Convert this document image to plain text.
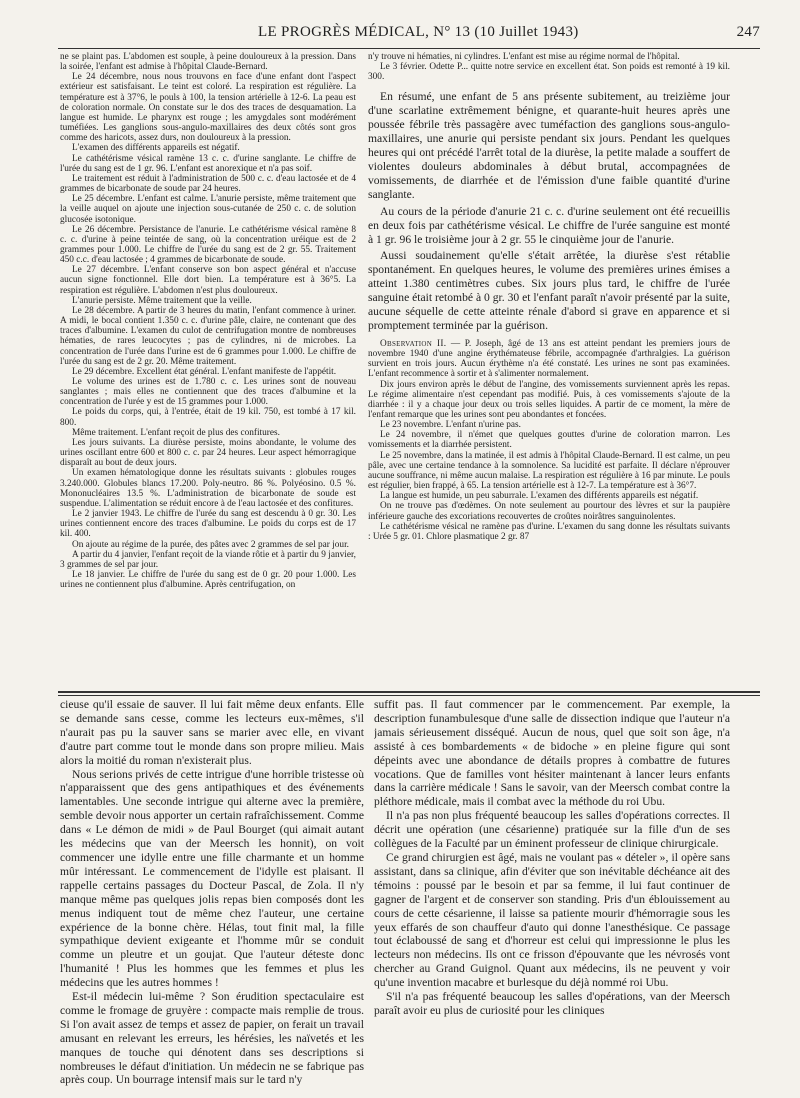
LE PROGRÈS MÉDICAL, N° 13 (10 Juillet 1943)	247

ne se plaint pas. L'abdomen est souple, à peine douloureux à la pression. Dans la soirée, l'enfant est admise à l'hôpital Claude-Bernard.

Le 24 décembre, nous nous trouvons en face d'une enfant dont l'aspect extérieur est satisfaisant. Le teint est coloré. La respiration est régulière. La température est à 37°6, le pouls à 100, la tension artérielle à 12-6. La peau est de coloration normale. On constate sur le dos des traces de desquamation. La langue est humide. Le pharynx est rouge ; les amygdales sont modérément tuméfiées. Les ganglions sous-angulo-maxillaires des deux côtés sont gros comme des haricots, assez durs, non douloureux à la pression.

L'examen des différents appareils est négatif.

Le cathétérisme vésical ramène 13 c. c. d'urine sanglante. Le chiffre de l'urée du sang est de 1 gr. 96. L'enfant est anorexique et n'a pas soif.

Le traitement est réduit à l'administration de 500 c. c. d'eau lactosée et de 4 grammes de bicarbonate de soude par 24 heures.

Le 25 décembre. L'enfant est calme. L'anurie persiste, même traitement que la veille auquel on ajoute une injection sous-cutanée de 250 c. c. de solution glucosée isotonique.

Le 26 décembre. Persistance de l'anurie. Le cathétérisme vésical ramène 8 c. c. d'urine à peine teintée de sang, où la concentration uréique est de 2 grammes pour 1.000. Le chiffre de l'urée du sang est de 2 gr. 55. Traitement 450 c.c. d'eau lactosée ; 4 grammes de bicarbonate de soude.

Le 27 décembre. L'enfant conserve son bon aspect général et n'accuse aucun signe fonctionnel. Elle dort bien. La température est à 36°5. La respiration est régulière. L'abdomen n'est plus douloureux.

L'anurie persiste. Même traitement que la veille.

Le 28 décembre. A partir de 3 heures du matin, l'enfant commence à uriner. A midi, le bocal contient 1.350 c. c. d'urine pâle, claire, ne contenant que des traces d'albumine. L'examen du culot de centrifugation montre de nombreuses hématies, de rares leucocytes ; pas de cylindres, ni de microbes. La concentration de l'urée dans l'urine est de 6 grammes pour 1.000. Le chiffre de l'urée du sang est de 2 gr. 20. Même traitement.

Le 29 décembre. Excellent état général. L'enfant manifeste de l'appétit.

Le volume des urines est de 1.780 c. c. Les urines sont de nouveau sanglantes ; mais elles ne contiennent que des traces d'albumine et la concentration de l'urée y est de 15 grammes pour 1.000.

Le poids du corps, qui, à l'entrée, était de 19 kil. 750, est tombé à 17 kil. 800.

Même traitement. L'enfant reçoit de plus des confitures.

Les jours suivants. La diurèse persiste, moins abondante, le volume des urines oscillant entre 600 et 800 c. c. par 24 heures. Leur aspect hémorragique disparaît au bout de deux jours.

Un examen hématologique donne les résultats suivants : globules rouges 3.240.000. Globules blancs 17.200. Poly-neutro. 86 %. Polyéosino. 0.5 %. Mononucléaires 13.5 %. L'administration de bicarbonate de soude est suspendue. L'alimentation se réduit encore à de l'eau lactosée et des confitures.

Le 2 janvier 1943. Le chiffre de l'urée du sang est descendu à 0 gr. 30. Les urines contiennent encore des traces d'albumine. Le poids du corps est de 17 kil. 400.

On ajoute au régime de la purée, des pâtes avec 2 grammes de sel par jour.

A partir du 4 janvier, l'enfant reçoit de la viande rôtie et à partir du 9 janvier, 3 grammes de sel par jour.

Le 18 janvier. Le chiffre de l'urée du sang est de 0 gr. 20 pour 1.000. Les urines ne contiennent plus d'albumine. Après centrifugation, on

n'y trouve ni hématies, ni cylindres. L'enfant est mise au régime normal de l'hôpital.

Le 3 février. Odette P... quitte notre service en excellent état. Son poids est remonté à 19 kil. 300.

En résumé, une enfant de 5 ans présente subitement, au treizième jour d'une scarlatine extrêmement bénigne, et quarante-huit heures après une poussée fébrile très passagère avec tuméfaction des ganglions sous-angulo-maxillaires, une anurie qui persiste pendant six jours. Pendant les quelques heures qui ont précédé l'arrêt total de la diurèse, la petite malade a souffert de violentes douleurs abdominales à début brutal, accompagnées de vomissements, de diarrhée et de l'émission d'une faible quantité d'urine sanglante.

Au cours de la période d'anurie 21 c. c. d'urine seulement ont été recueillis en deux fois par cathétérisme vésical. Le chiffre de l'urée sanguine est monté à 1 gr. 96 le troisième jour à 2 gr. 55 le cinquième jour de l'anurie.

Aussi soudainement qu'elle s'était arrêtée, la diurèse s'est rétablie spontanément. En quelques heures, le volume des premières urines émises a atteint 1.380 centimètres cubes. Six jours plus tard, le chiffre de l'urée sanguine était retombé à 0 gr. 30 et l'enfant paraît n'avoir présenté par la suite, aucune séquelle de cette atteinte rénale d'abord si grave en apparence et si promptement terminée par la guérison.

Observation II. — P. Joseph, âgé de 13 ans est atteint pendant les premiers jours de novembre 1940 d'une angine érythémateuse fébrile, accompagnée d'arthralgies. La guérison survient en trois jours. Aucun érythème n'a été constaté. Les urines ne sont pas examinées. L'enfant recommence à sortir et à s'alimenter normalement.

Dix jours environ après le début de l'angine, des vomissements surviennent après les repas. Le régime alimentaire n'est cependant pas modifié. Puis, à ces vomissements s'ajoute de la diarrhée : il y a chaque jour deux ou trois selles liquides. A partir de ce moment, la mère de l'enfant remarque que les urines sont peu abondantes et foncées.

Le 23 novembre. L'enfant n'urine pas.

Le 24 novembre, il n'émet que quelques gouttes d'urine de coloration marron. Les vomissements et la diarrhée persistent.

Le 25 novembre, dans la matinée, il est admis à l'hôpital Claude-Bernard. Il est calme, un peu pâle, avec une certaine tendance à la somnolence. Sa lucidité est parfaite. Il déclare n'éprouver aucune souffrance, ni même aucun malaise. La respiration est régulière à 16 par minute. Le pouls est régulier, bien frappé, à 65. La tension artérielle est à 12-7. La température est à 36°7.

La langue est humide, un peu saburrale. L'examen des différents appareils est négatif.

On ne trouve pas d'œdèmes. On note seulement au pourtour des lèvres et sur la paupière inférieure gauche des excoriations recouvertes de croûtes noirâtres sanguinolentes.

Le cathétérisme vésical ne ramène pas d'urine. L'examen du sang donne les résultats suivants : Urée 5 gr. 01. Chlore plasmatique 2 gr. 87

cieuse qu'il essaie de sauver. Il lui fait même deux enfants. Elle se demande sans cesse, comme les lecteurs eux-mêmes, s'il n'aurait pas pu la sauver sans se marier avec elle, en vivant d'autre part comme tout le monde dans son propre milieu. Mais alors la moitié du roman n'existerait plus.

Nous serions privés de cette intrigue d'une horrible tristesse où n'apparaissent que des gens antipathiques et des événements lamentables. Une seconde intrigue qui alterne avec la première, semble devoir nous apporter un certain rafraîchissement. Comme dans « Le démon de midi » de Paul Bourget (qui aimait autant les médecins que van der Meersch les honnit), on voit commencer une idylle entre une fille charmante et un homme mûr intéressant. Le commencement de l'idylle est plaisant. Il rappelle certains passages du Docteur Pascal, de Zola. Il n'y manque même pas quelques jolis repas bien composés dont les menus indiquent tout de même chez l'auteur, une certaine expérience de la bonne chère. Hélas, tout finit mal, la fille sympathique devient exigeante et l'homme mûr se conduit comme un pleutre et un goujat. Que l'auteur déteste donc l'humanité ! Plus les hommes que les femmes et plus les médecins que les autres hommes !

Est-il médecin lui-même ? Son érudition spectaculaire est comme le fromage de gruyère : compacte mais remplie de trous. Si l'on avait assez de temps et assez de papier, on ferait un travail amusant en relevant les erreurs, les hérésies, les naïvetés et les manques de touche qui dénotent dans ses descriptions si nombreuses le défaut d'initiation. Un médecin ne se fabrique pas après coup. Un bourrage intensif mais sur le tard n'y

suffit pas. Il faut commencer par le commencement. Par exemple, la description funambulesque d'une salle de dissection indique que l'auteur n'a jamais sérieusement disséqué. Aucun de nous, quel que soit son âge, n'a assisté à ces bombardements « de bidoche » en pleine figure qui sont dépeints avec une abondance de détails propres à combattre de futures vocations. Que de familles vont hésiter maintenant à lancer leurs enfants dans la carrière médicale ! Sans le savoir, van der Meersch combat contre la pléthore médicale, mais il combat avec la méthode du roi Ubu.

Il n'a pas non plus fréquenté beaucoup les salles d'opérations correctes. Il décrit une opération (une césarienne) pratiquée sur la fille d'un de ses collègues de la Faculté par un éminent professeur de clinique chirurgicale.

Ce grand chirurgien est âgé, mais ne voulant pas « dételer », il opère sans assistant, dans sa clinique, afin d'éviter que son inévitable déchéance ait des témoins : poussé par le besoin et par sa femme, il lui faut continuer de gagner de l'argent et de conserver son standing. Pris d'un éblouissement au cours de cette césarienne, il laisse sa patiente mourir d'hémorragie sous les yeux effarés de son chauffeur d'auto qui donne l'anesthésique. Ce passage tout éclaboussé de sang et d'horreur est celui qui impressionne le plus les lecteurs non médecins. Ils ont ce frisson d'épouvante que les névrosés vont chercher au Grand Guignol. Quant aux médecins, ils ne peuvent y voir qu'une invention macabre et burlesque du déjà nommé roi Ubu.

S'il n'a pas fréquenté beaucoup les salles d'opérations, van der Meersch paraît avoir eu plus de curiosité pour les cliniques
